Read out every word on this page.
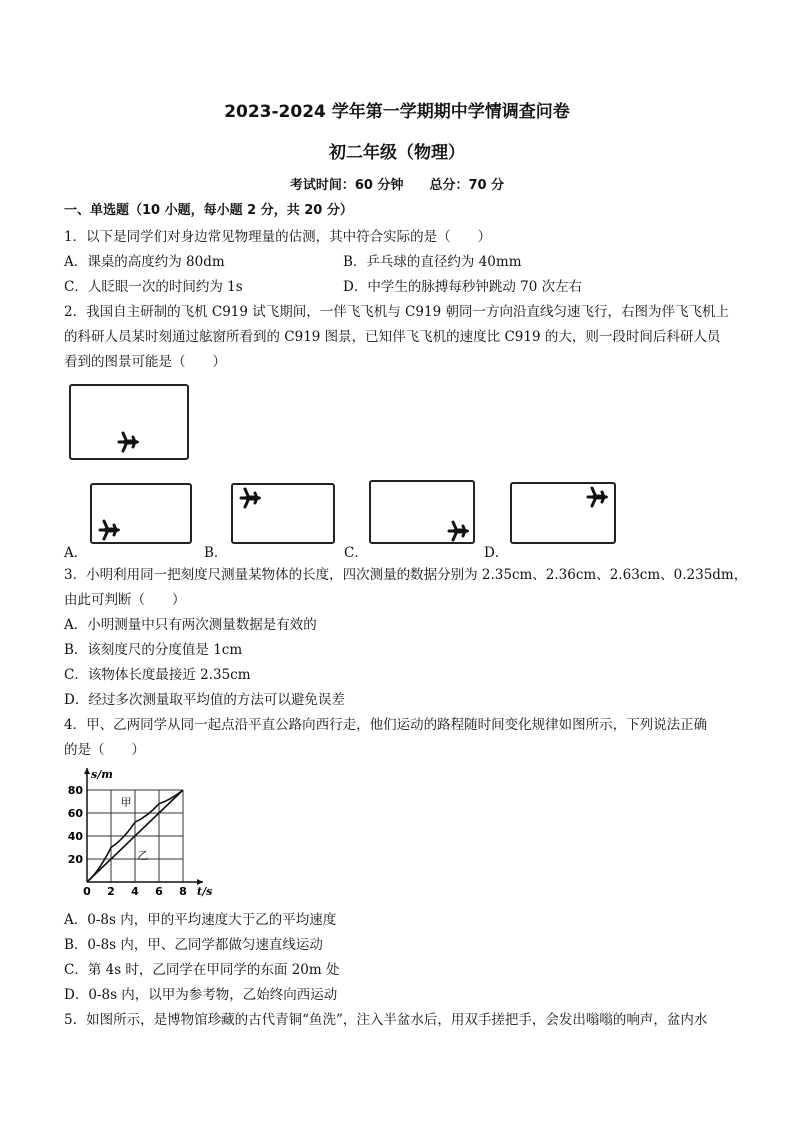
2023-2024 学年第一学期期中学情调查问卷
初二年级（物理）
考试时间：60 分钟　　总分：70 分
一、单选题（10 小题，每小题 2 分，共 20 分）
1．以下是同学们对身边常见物理量的估测，其中符合实际的是（　　）
A．课桌的高度约为 80dm	B．乒乓球的直径约为 40mm
C．人眨眼一次的时间约为 1s	D．中学生的脉搏每秒钟跳动 70 次左右
2．我国自主研制的飞机 C919 试飞期间，一伴飞飞机与 C919 朝同一方向沿直线匀速飞行，右图为伴飞飞机上
的科研人员某时刻通过舷窗所看到的 C919 图景，已知伴飞飞机的速度比 C919 的大，则一段时间后科研人员
看到的图景可能是（　　）
A．	B．	C．	D．
3．小明利用同一把刻度尺测量某物体的长度，四次测量的数据分别为 2.35cm、2.36cm、2.63cm、0.235dm，
由此可判断（　　）
A．小明测量中只有两次测量数据是有效的
B．该刻度尺的分度值是 1cm
C．该物体长度最接近 2.35cm
D．经过多次测量取平均值的方法可以避免误差
4．甲、乙两同学从同一起点沿平直公路向西行走，他们运动的路程随时间变化规律如图所示，下列说法正确
的是（　　）
0 2 4 6 8
20
40
60
80
s/m
t/s
甲
乙
A．0-8s 内，甲的平均速度大于乙的平均速度
B．0-8s 内，甲、乙同学都做匀速直线运动
C．第 4s 时，乙同学在甲同学的东面 20m 处
D．0-8s 内，以甲为参考物，乙始终向西运动
5．如图所示，是博物馆珍藏的古代青铜“鱼洗”，注入半盆水后，用双手搓把手，会发出嗡嗡的响声，盆内水
